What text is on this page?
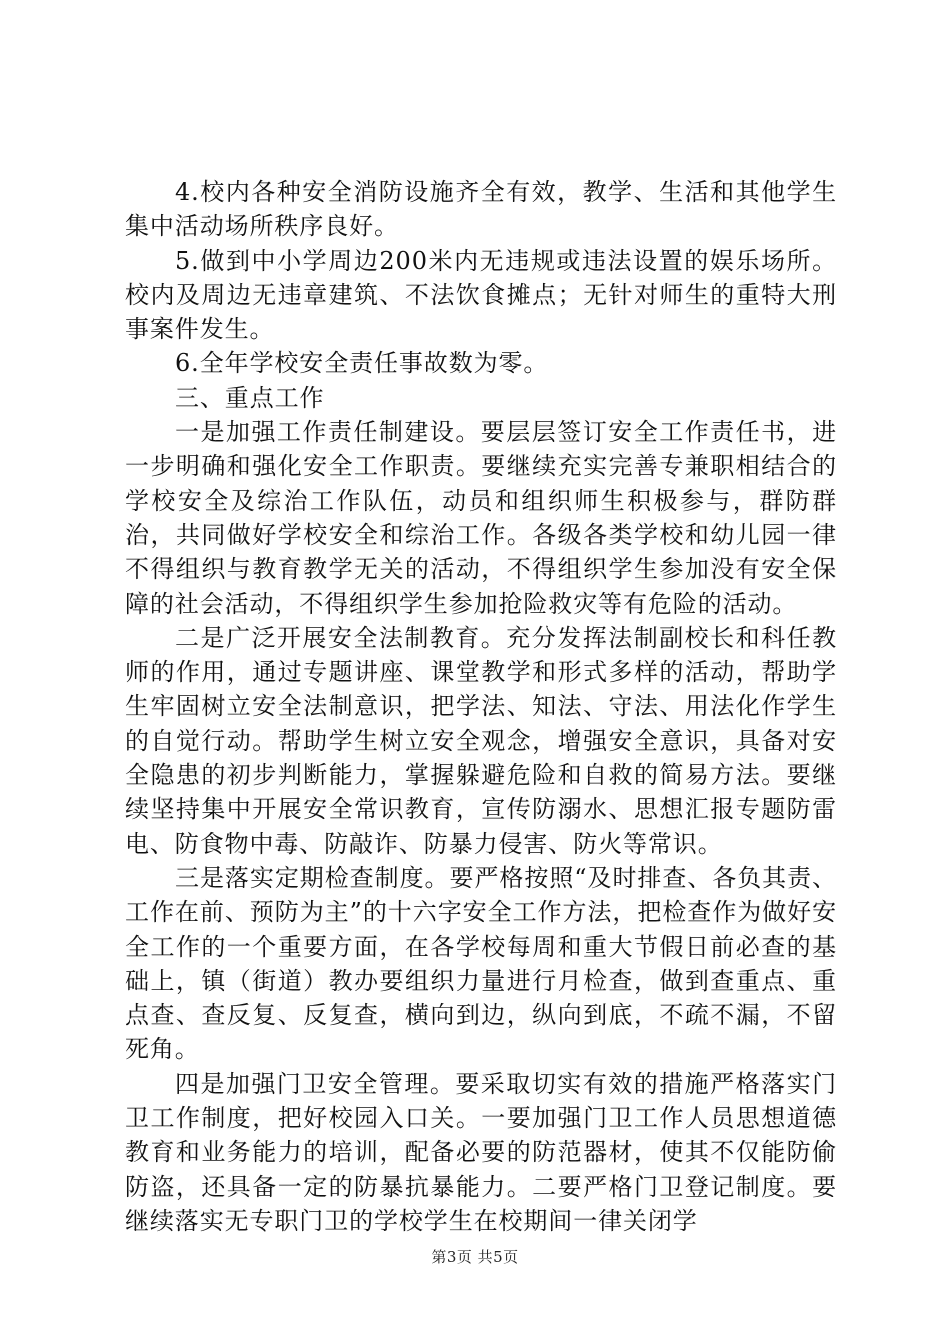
4.校内各种安全消防设施齐全有效，教学、生活和其他学生集中活动场所秩序良好。

5.做到中小学周边200米内无违规或违法设置的娱乐场所。校内及周边无违章建筑、不法饮食摊点；无针对师生的重特大刑事案件发生。

6.全年学校安全责任事故数为零。

三、重点工作

一是加强工作责任制建设。要层层签订安全工作责任书，进一步明确和强化安全工作职责。要继续充实完善专兼职相结合的学校安全及综治工作队伍，动员和组织师生积极参与，群防群治，共同做好学校安全和综治工作。各级各类学校和幼儿园一律不得组织与教育教学无关的活动，不得组织学生参加没有安全保障的社会活动，不得组织学生参加抢险救灾等有危险的活动。

二是广泛开展安全法制教育。充分发挥法制副校长和科任教师的作用，通过专题讲座、课堂教学和形式多样的活动，帮助学生牢固树立安全法制意识，把学法、知法、守法、用法化作学生的自觉行动。帮助学生树立安全观念，增强安全意识，具备对安全隐患的初步判断能力，掌握躲避危险和自救的简易方法。要继续坚持集中开展安全常识教育，宣传防溺水、思想汇报专题防雷电、防食物中毒、防敲诈、防暴力侵害、防火等常识。

三是落实定期检查制度。要严格按照“及时排查、各负其责、工作在前、预防为主”的十六字安全工作方法，把检查作为做好安全工作的一个重要方面，在各学校每周和重大节假日前必查的基础上，镇（街道）教办要组织力量进行月检查，做到查重点、重点查、查反复、反复查，横向到边，纵向到底，不疏不漏，不留死角。

四是加强门卫安全管理。要采取切实有效的措施严格落实门卫工作制度，把好校园入口关。一要加强门卫工作人员思想道德教育和业务能力的培训，配备必要的防范器材，使其不仅能防偷防盗，还具备一定的防暴抗暴能力。二要严格门卫登记制度。要继续落实无专职门卫的学校学生在校期间一律关闭学

第3页 共5页
